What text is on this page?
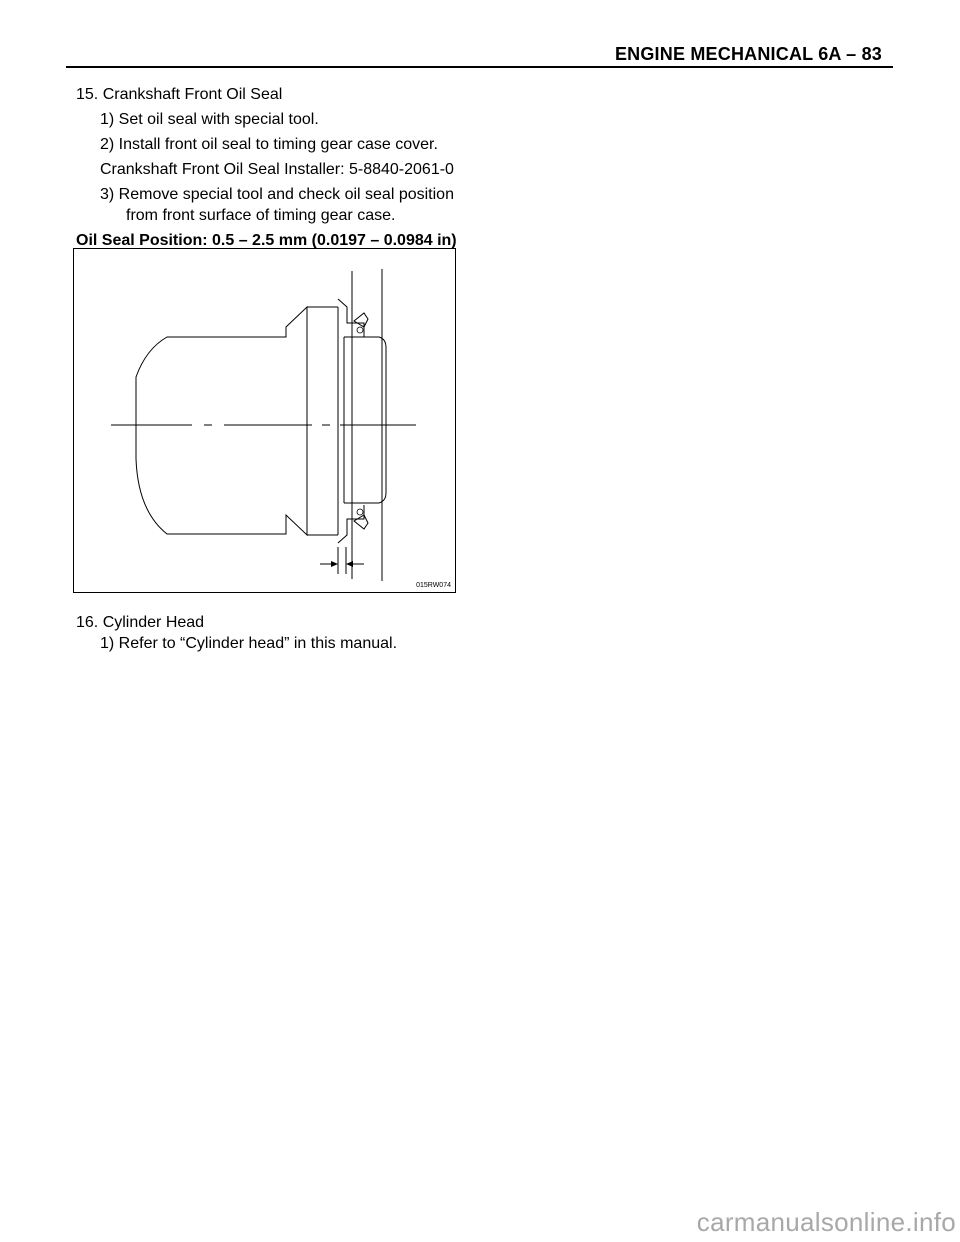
ENGINE MECHANICAL 6A – 83
15. Crankshaft Front Oil Seal
1) Set oil seal with special tool.
2) Install front oil seal to timing gear case cover.
Crankshaft Front Oil Seal Installer: 5-8840-2061-0
3) Remove special tool and check oil seal position
from front surface of timing gear case.
Oil Seal Position: 0.5 – 2.5 mm (0.0197 – 0.0984 in)
015RW074
16. Cylinder Head
1) Refer to “Cylinder head” in this manual.
carmanualsonline.info
